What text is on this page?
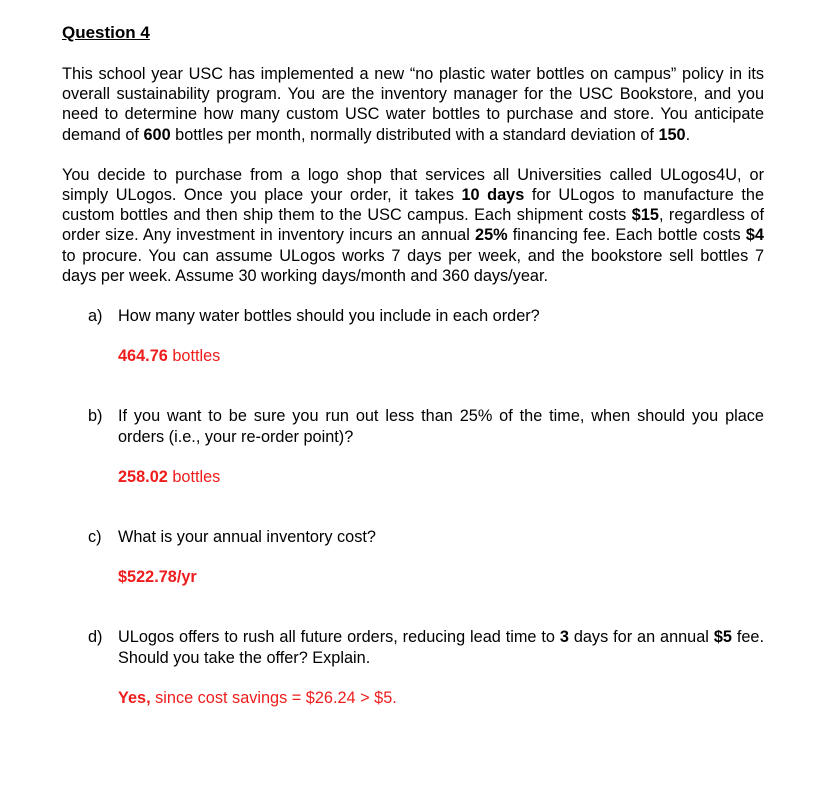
Question 4

This school year USC has implemented a new “no plastic water bottles on campus” policy in its overall sustainability program. You are the inventory manager for the USC Bookstore, and you need to determine how many custom USC water bottles to purchase and store. You anticipate demand of 600 bottles per month, normally distributed with a standard deviation of 150.

You decide to purchase from a logo shop that services all Universities called ULogos4U, or simply ULogos. Once you place your order, it takes 10 days for ULogos to manufacture the custom bottles and then ship them to the USC campus. Each shipment costs $15, regardless of order size. Any investment in inventory incurs an annual 25% financing fee. Each bottle costs $4 to procure. You can assume ULogos works 7 days per week, and the bookstore sell bottles 7 days per week. Assume 30 working days/month and 360 days/year.

a) How many water bottles should you include in each order?
464.76 bottles
b) If you want to be sure you run out less than 25% of the time, when should you place orders (i.e., your re-order point)?
258.02 bottles
c) What is your annual inventory cost?
$522.78/yr
d) ULogos offers to rush all future orders, reducing lead time to 3 days for an annual $5 fee. Should you take the offer? Explain.
Yes, since cost savings = $26.24 > $5.
